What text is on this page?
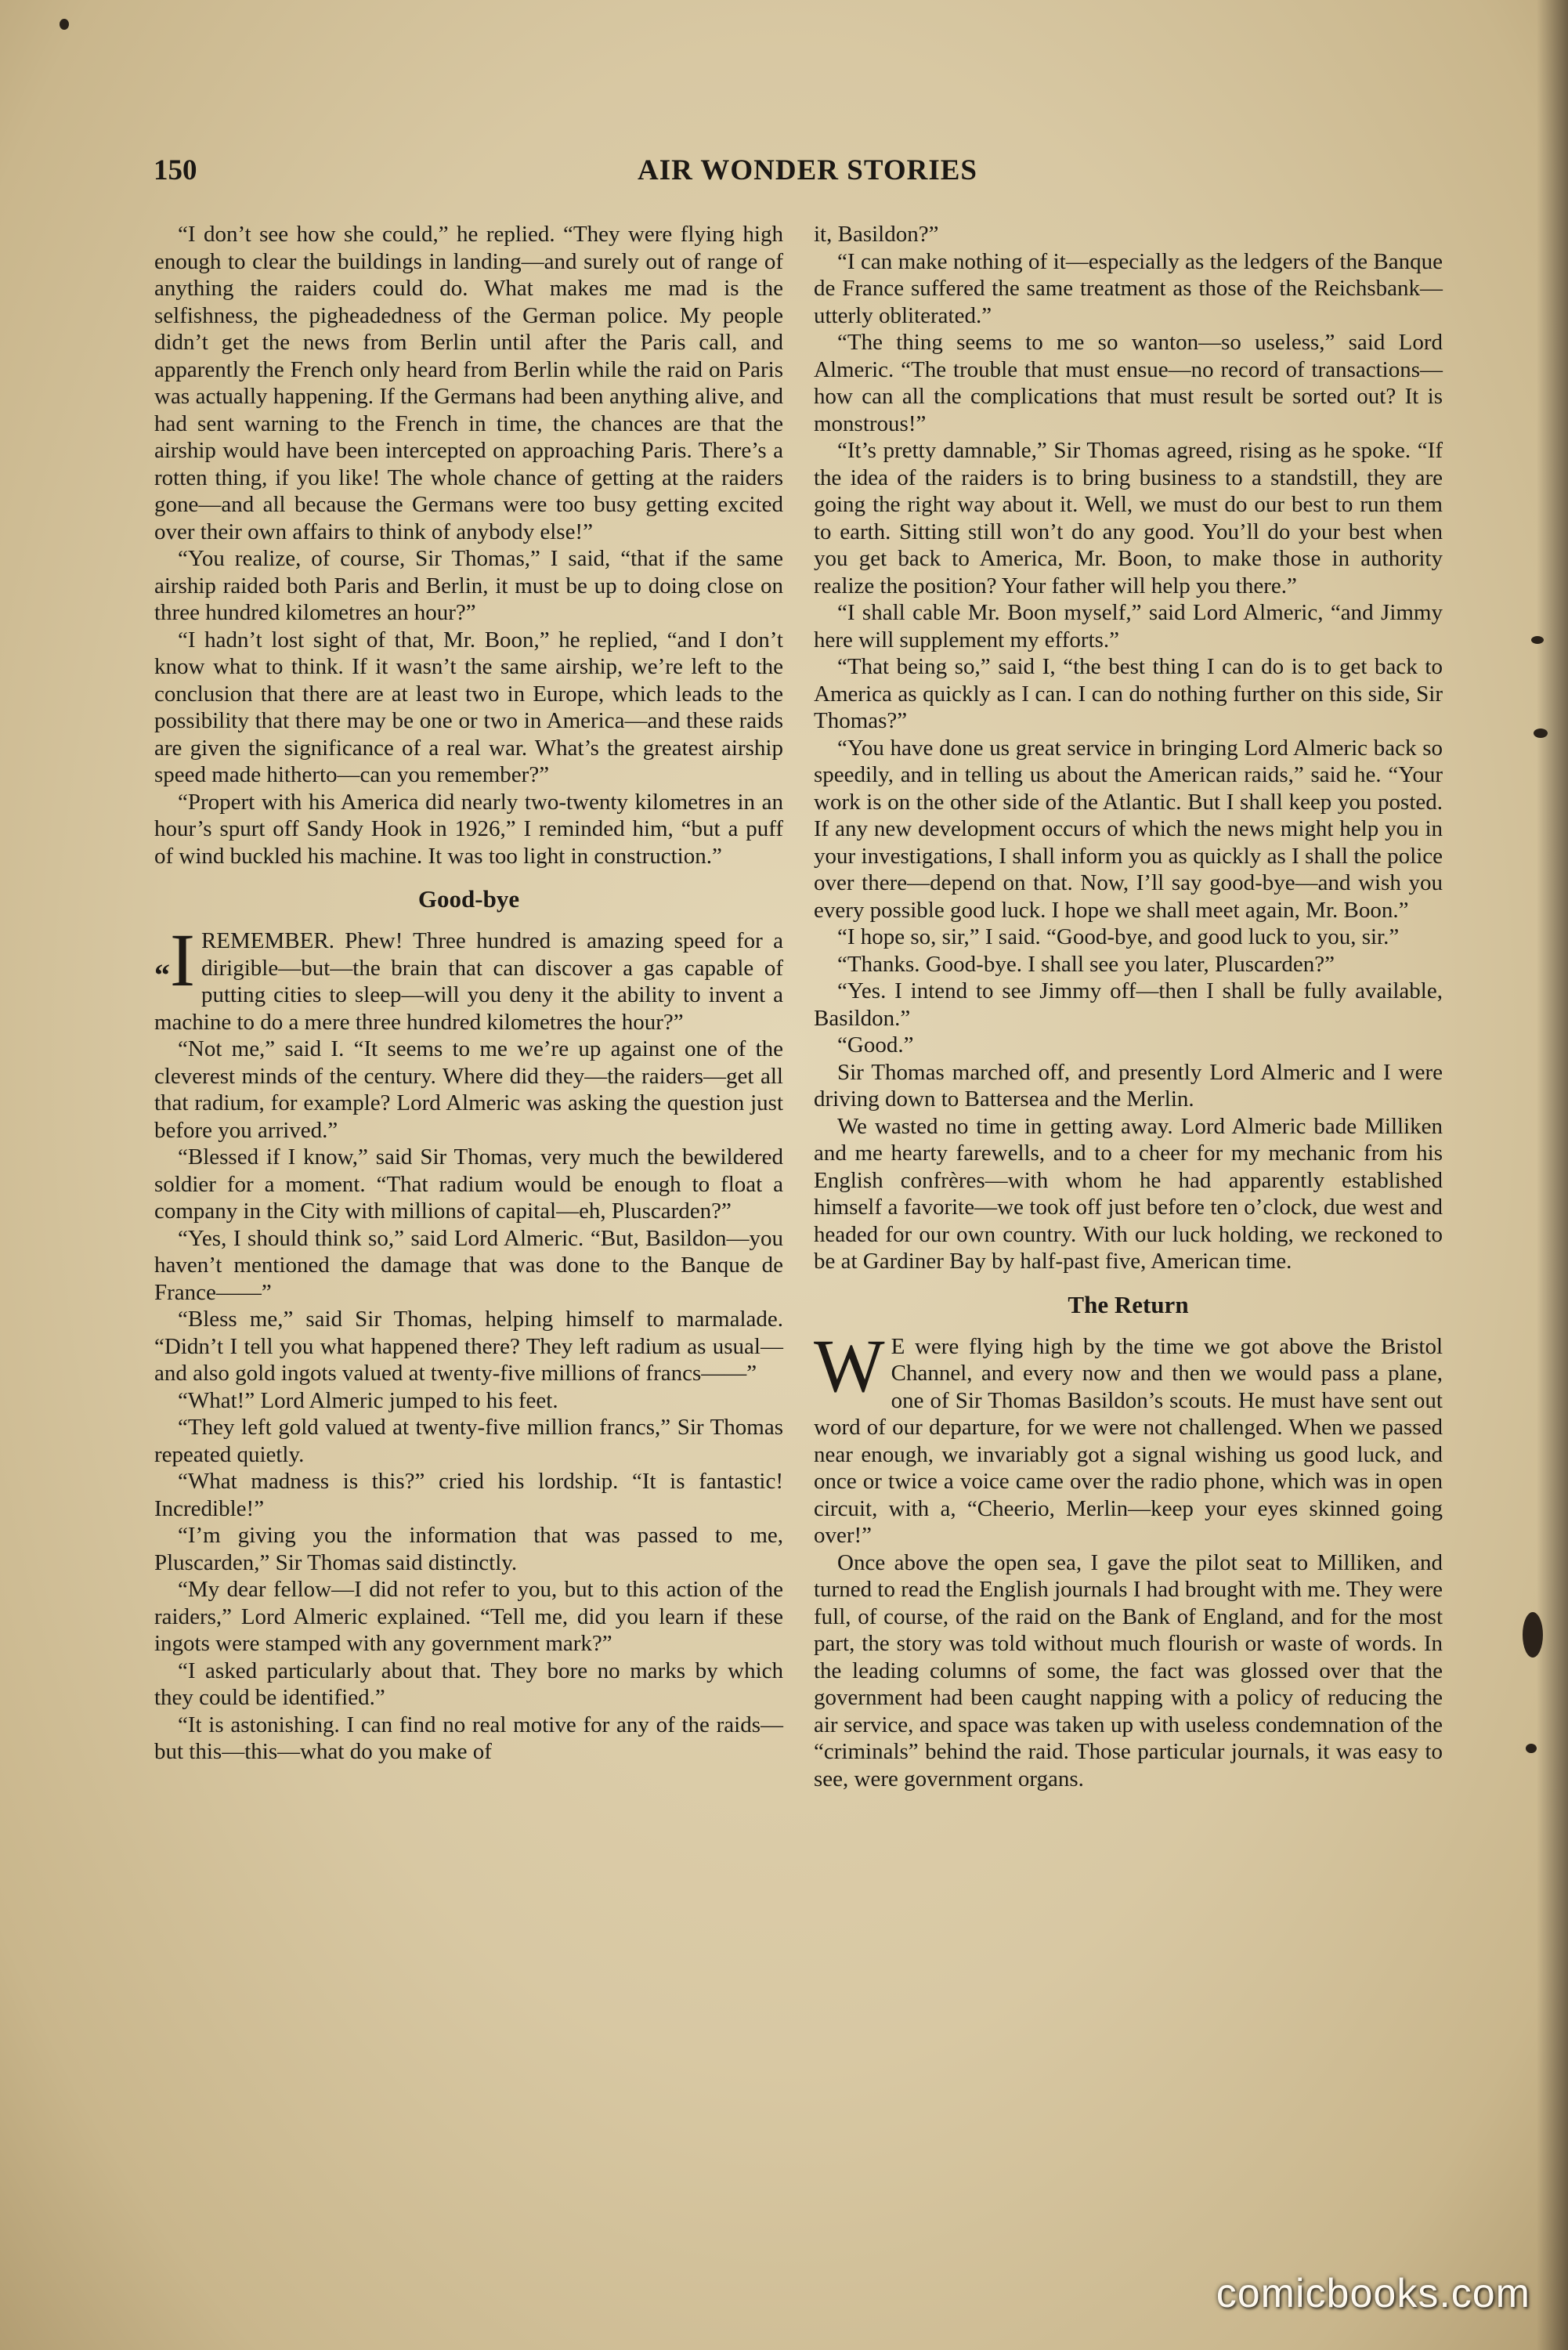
150	AIR WONDER STORIES

“I don’t see how she could,” he replied. “They were flying high enough to clear the buildings in landing—and surely out of range of anything the raiders could do. What makes me mad is the selfishness, the pigheadedness of the German police. My people didn’t get the news from Berlin until after the Paris call, and apparently the French only heard from Berlin while the raid on Paris was actually happening. If the Germans had been anything alive, and had sent warning to the French in time, the chances are that the airship would have been intercepted on approaching Paris. There’s a rotten thing, if you like! The whole chance of getting at the raiders gone—and all because the Germans were too busy getting excited over their own affairs to think of anybody else!”

“You realize, of course, Sir Thomas,” I said, “that if the same airship raided both Paris and Berlin, it must be up to doing close on three hundred kilometres an hour?”

“I hadn’t lost sight of that, Mr. Boon,” he replied, “and I don’t know what to think. If it wasn’t the same airship, we’re left to the conclusion that there are at least two in Europe, which leads to the possibility that there may be one or two in America—and these raids are given the significance of a real war. What’s the greatest airship speed made hitherto—can you remember?”

“Propert with his America did nearly two-twenty kilometres in an hour’s spurt off Sandy Hook in 1926,” I reminded him, “but a puff of wind buckled his machine. It was too light in construction.”

Good-bye

“I REMEMBER. Phew! Three hundred is amazing speed for a dirigible—but—the brain that can discover a gas capable of putting cities to sleep—will you deny it the ability to invent a machine to do a mere three hundred kilometres the hour?”

“Not me,” said I. “It seems to me we’re up against one of the cleverest minds of the century. Where did they—the raiders—get all that radium, for example? Lord Almeric was asking the question just before you arrived.”

“Blessed if I know,” said Sir Thomas, very much the bewildered soldier for a moment. “That radium would be enough to float a company in the City with millions of capital—eh, Pluscarden?”

“Yes, I should think so,” said Lord Almeric. “But, Basildon—you haven’t mentioned the damage that was done to the Banque de France——”

“Bless me,” said Sir Thomas, helping himself to marmalade. “Didn’t I tell you what happened there? They left radium as usual—and also gold ingots valued at twenty-five millions of francs——”

“What!” Lord Almeric jumped to his feet.

“They left gold valued at twenty-five million francs,” Sir Thomas repeated quietly.

“What madness is this?” cried his lordship. “It is fantastic! Incredible!”

“I’m giving you the information that was passed to me, Pluscarden,” Sir Thomas said distinctly.

“My dear fellow—I did not refer to you, but to this action of the raiders,” Lord Almeric explained. “Tell me, did you learn if these ingots were stamped with any government mark?”

“I asked particularly about that. They bore no marks by which they could be identified.”

“It is astonishing. I can find no real motive for any of the raids—but this—this—what do you make of

it, Basildon?”

“I can make nothing of it—especially as the ledgers of the Banque de France suffered the same treatment as those of the Reichsbank—utterly obliterated.”

“The thing seems to me so wanton—so useless,” said Lord Almeric. “The trouble that must ensue—no record of transactions—how can all the complications that must result be sorted out? It is monstrous!”

“It’s pretty damnable,” Sir Thomas agreed, rising as he spoke. “If the idea of the raiders is to bring business to a standstill, they are going the right way about it. Well, we must do our best to run them to earth. Sitting still won’t do any good. You’ll do your best when you get back to America, Mr. Boon, to make those in authority realize the position? Your father will help you there.”

“I shall cable Mr. Boon myself,” said Lord Almeric, “and Jimmy here will supplement my efforts.”

“That being so,” said I, “the best thing I can do is to get back to America as quickly as I can. I can do nothing further on this side, Sir Thomas?”

“You have done us great service in bringing Lord Almeric back so speedily, and in telling us about the American raids,” said he. “Your work is on the other side of the Atlantic. But I shall keep you posted. If any new development occurs of which the news might help you in your investigations, I shall inform you as quickly as I shall the police over there—depend on that. Now, I’ll say good-bye—and wish you every possible good luck. I hope we shall meet again, Mr. Boon.”

“I hope so, sir,” I said. “Good-bye, and good luck to you, sir.”

“Thanks. Good-bye. I shall see you later, Pluscarden?”

“Yes. I intend to see Jimmy off—then I shall be fully available, Basildon.”

“Good.”

Sir Thomas marched off, and presently Lord Almeric and I were driving down to Battersea and the Merlin.

We wasted no time in getting away. Lord Almeric bade Milliken and me hearty farewells, and to a cheer for my mechanic from his English confrères—with whom he had apparently established himself a favorite—we took off just before ten o’clock, due west and headed for our own country. With our luck holding, we reckoned to be at Gardiner Bay by half-past five, American time.

The Return

W E were flying high by the time we got above the Bristol Channel, and every now and then we would pass a plane, one of Sir Thomas Basildon’s scouts. He must have sent out word of our departure, for we were not challenged. When we passed near enough, we invariably got a signal wishing us good luck, and once or twice a voice came over the radio phone, which was in open circuit, with a, “Cheerio, Merlin—keep your eyes skinned going over!”

Once above the open sea, I gave the pilot seat to Milliken, and turned to read the English journals I had brought with me. They were full, of course, of the raid on the Bank of England, and for the most part, the story was told without much flourish or waste of words. In the leading columns of some, the fact was glossed over that the government had been caught napping with a policy of reducing the air service, and space was taken up with useless condemnation of the “criminals” behind the raid. Those particular journals, it was easy to see, were government organs.

comicbooks.com
